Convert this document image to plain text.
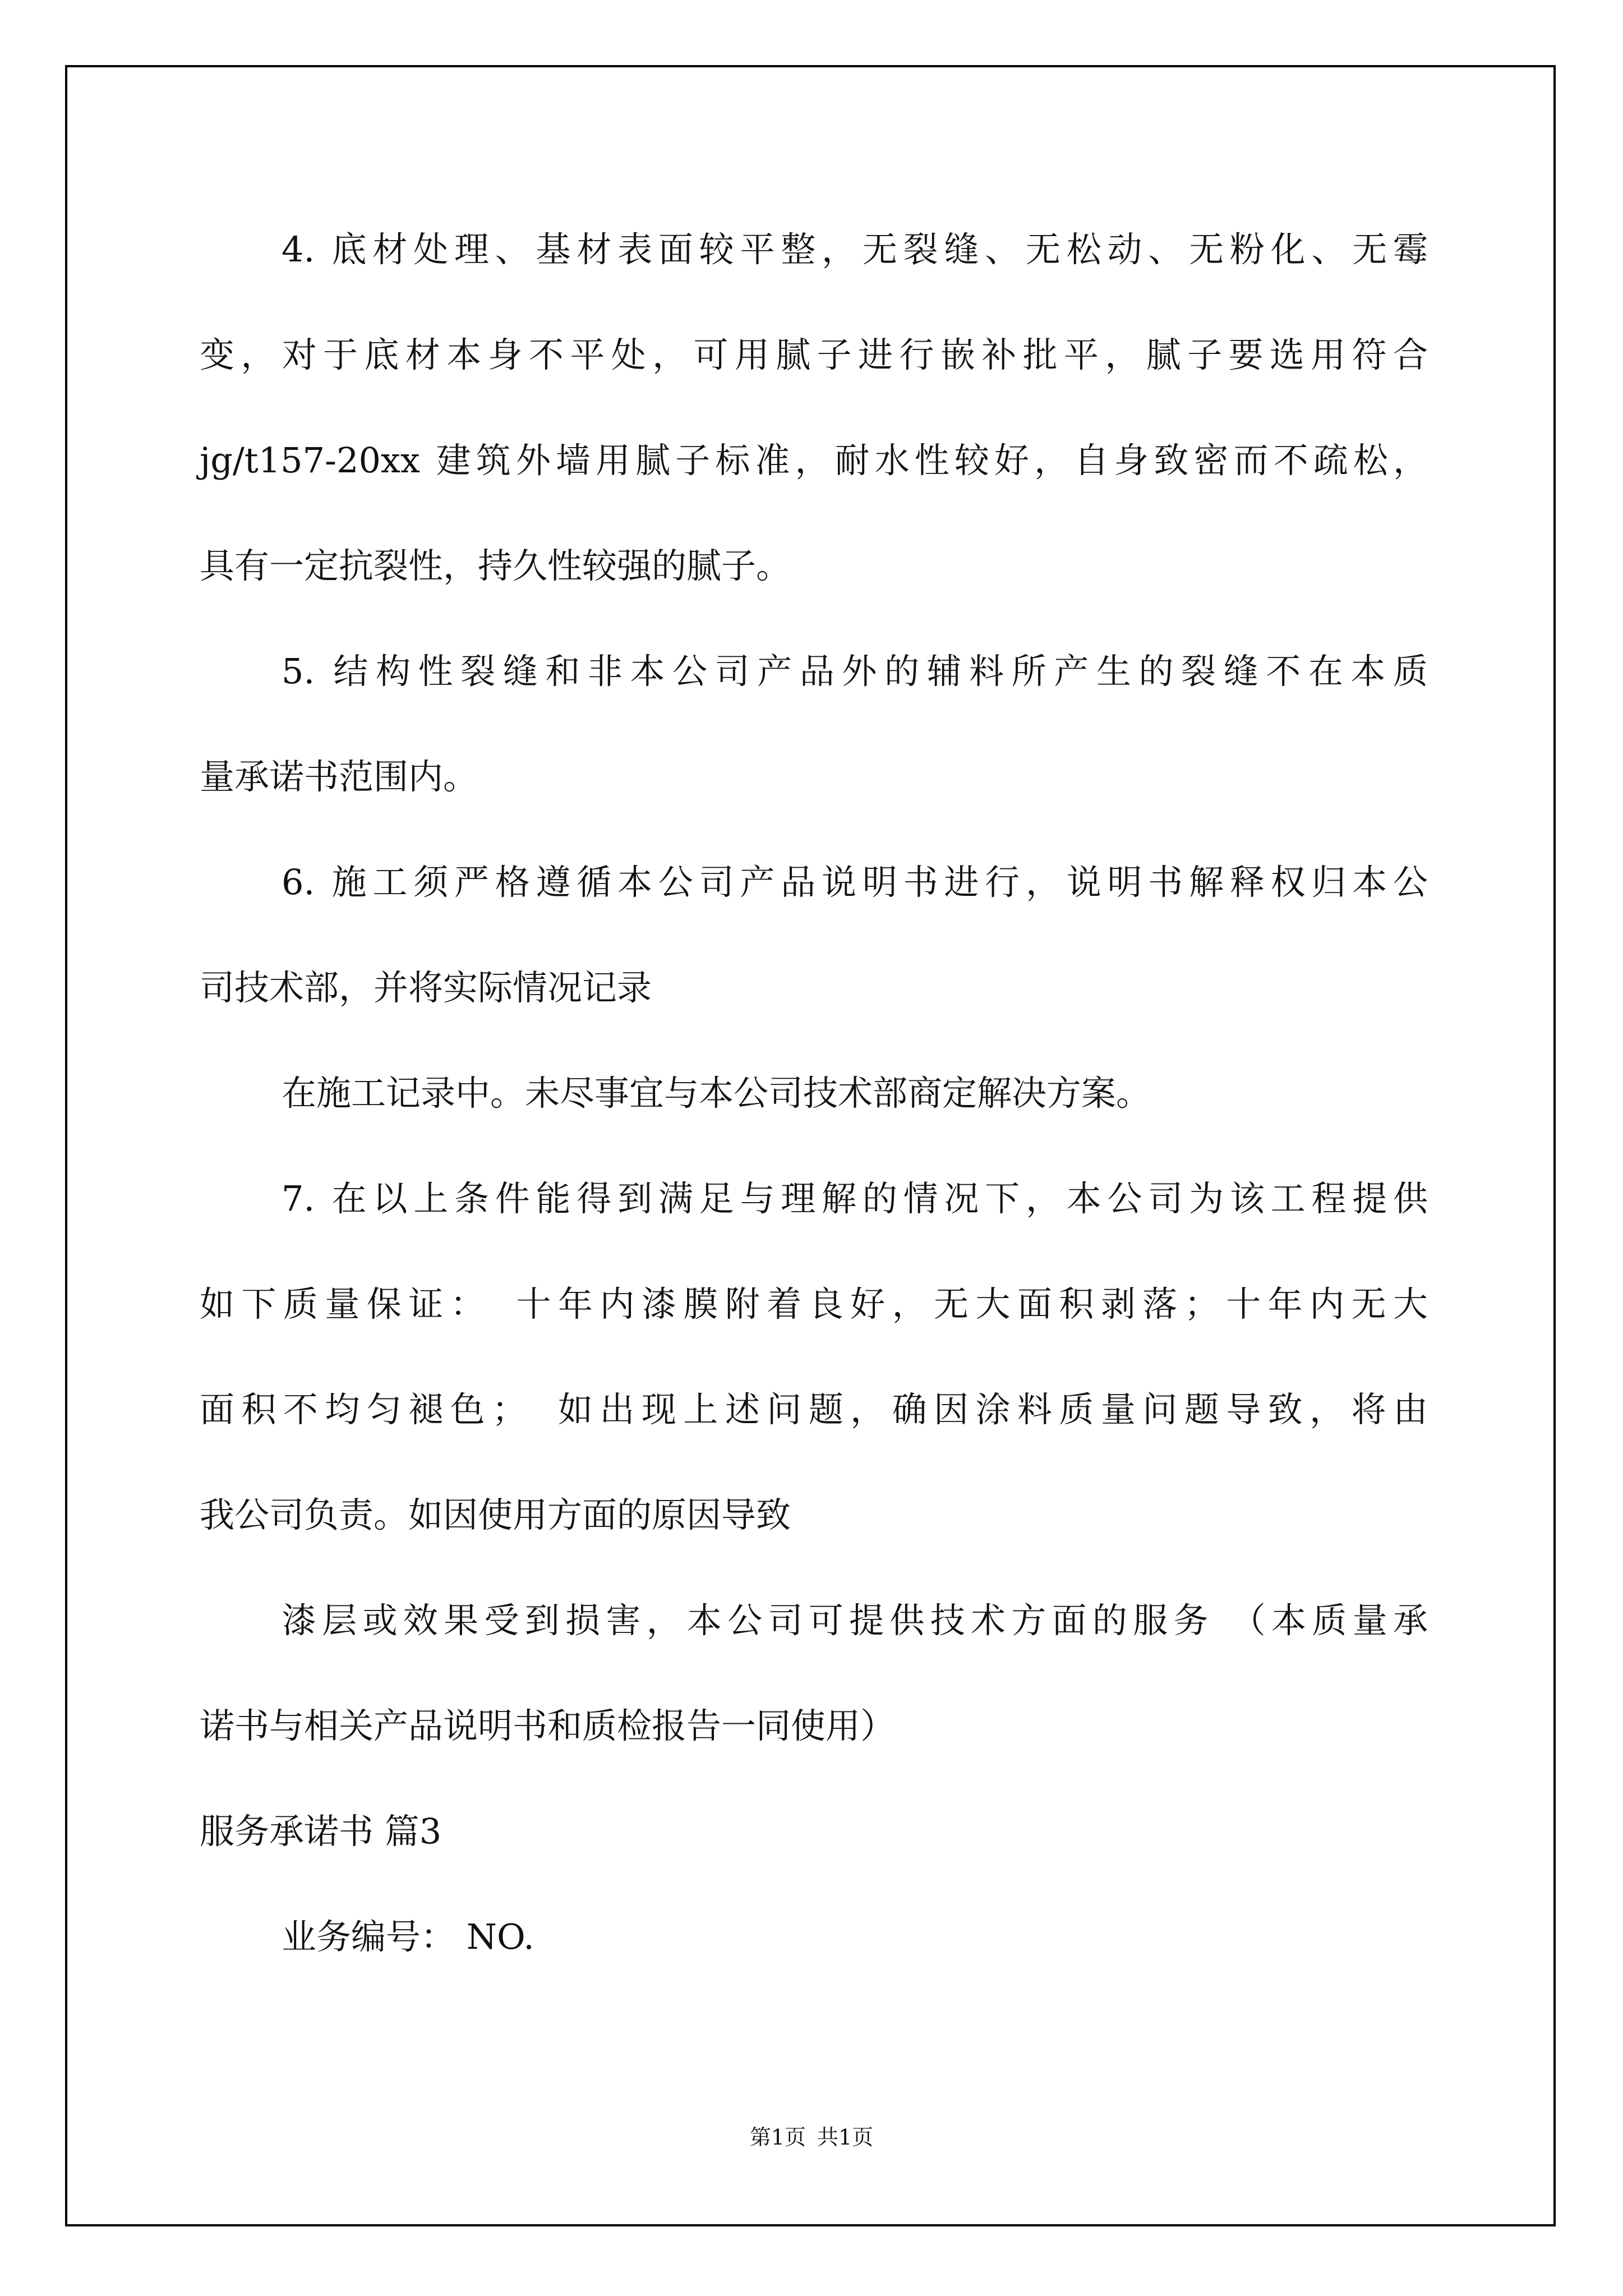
4. 底材处理、基材表面较平整，无裂缝、无松动、无粉化、无霉
变，对于底材本身不平处，可用腻子进行嵌补批平，腻子要选用符合
jg/t157-20xx 建筑外墙用腻子标准，耐水性较好，自身致密而不疏松，
具有一定抗裂性，持久性较强的腻子。
5. 结构性裂缝和非本公司产品外的辅料所产生的裂缝不在本质
量承诺书范围内。
6. 施工须严格遵循本公司产品说明书进行，说明书解释权归本公
司技术部，并将实际情况记录
在施工记录中。未尽事宜与本公司技术部商定解决方案。
7. 在以上条件能得到满足与理解的情况下，本公司为该工程提供
如下质量保证：　十年内漆膜附着良好，无大面积剥落；十年内无大
面积不均匀褪色；　如出现上述问题，确因涂料质量问题导致，将由
我公司负责。如因使用方面的原因导致
漆层或效果受到损害，本公司可提供技术方面的服务 （本质量承
诺书与相关产品说明书和质检报告一同使用）
服务承诺书 篇3
业务编号： NO.
第1页 共1页
